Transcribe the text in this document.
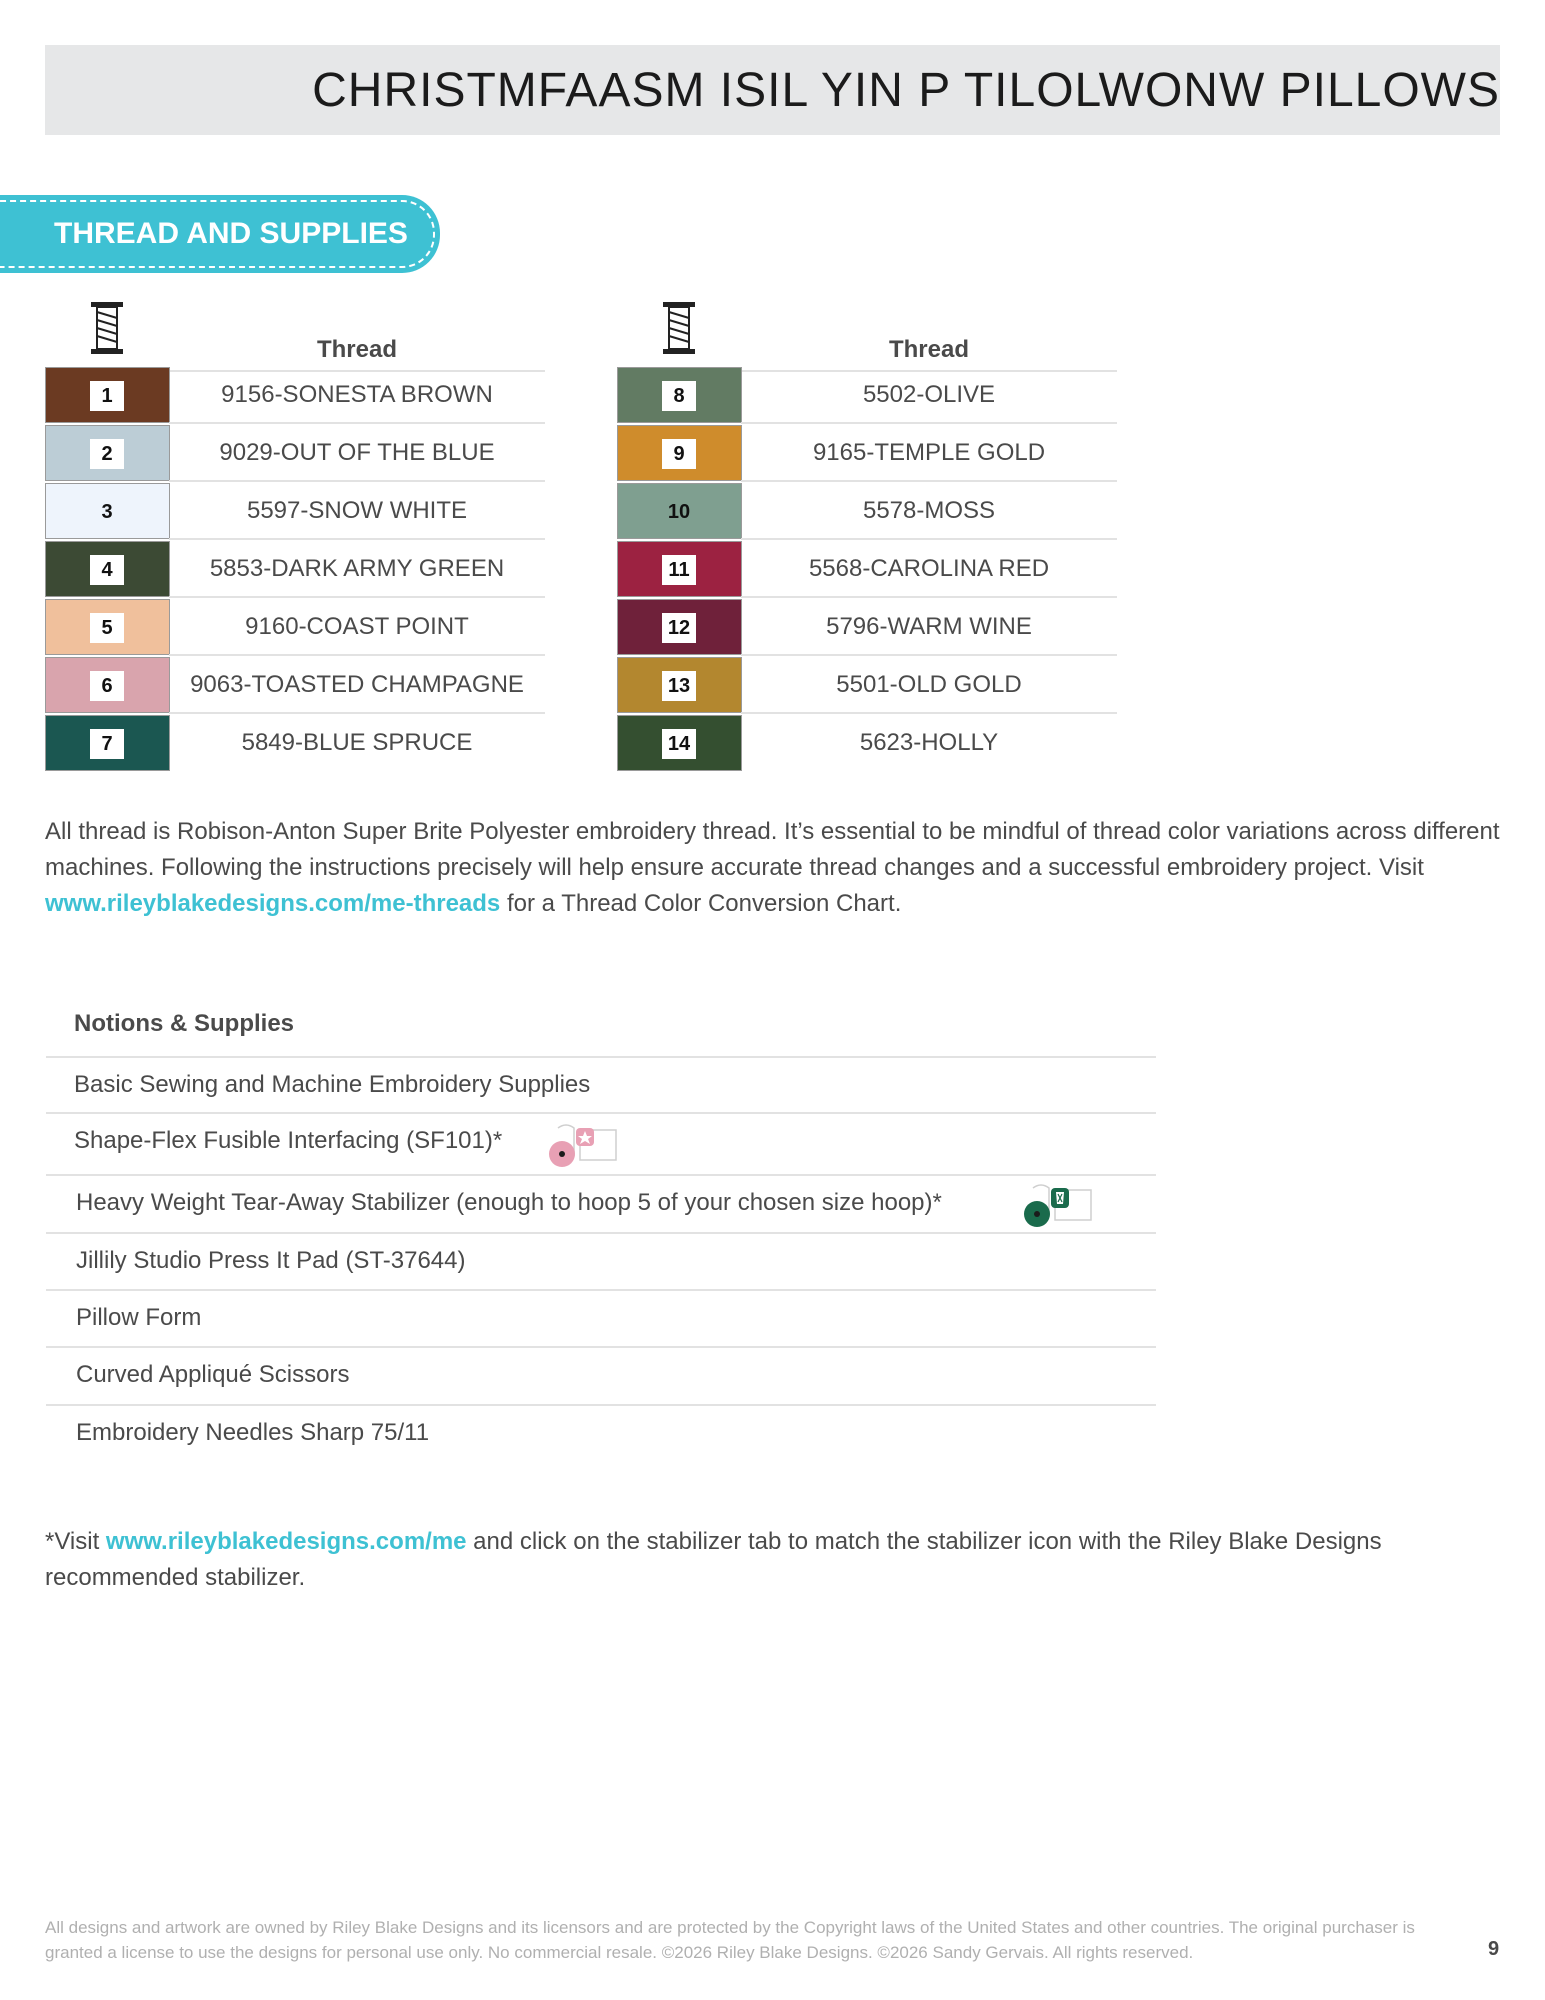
CHRISTMFAASM ISIL YIN P TILOLWONW PILLOWS
THREAD AND SUPPLIES
Thread
1	9156-SONESTA BROWN
2	9029-OUT OF THE BLUE
3	5597-SNOW WHITE
4	5853-DARK ARMY GREEN
5	9160-COAST POINT
6	9063-TOASTED CHAMPAGNE
7	5849-BLUE SPRUCE
Thread
8	5502-OLIVE
9	9165-TEMPLE GOLD
10	5578-MOSS
11	5568-CAROLINA RED
12	5796-WARM WINE
13	5501-OLD GOLD
14	5623-HOLLY

All thread is Robison-Anton Super Brite Polyester embroidery thread. It’s essential to be mindful of thread color variations across different machines. Following the instructions precisely will help ensure accurate thread changes and a successful embroidery project. Visit www.rileyblakedesigns.com/me-threads for a Thread Color Conversion Chart.

Notions & Supplies
Basic Sewing and Machine Embroidery Supplies
Shape-Flex Fusible Interfacing (SF101)*
Heavy Weight Tear-Away Stabilizer (enough to hoop 5 of your chosen size hoop)*
Jillily Studio Press It Pad (ST-37644)
Pillow Form
Curved Appliqué Scissors
Embroidery Needles Sharp 75/11

*Visit www.rileyblakedesigns.com/me and click on the stabilizer tab to match the stabilizer icon with the Riley Blake Designs recommended stabilizer.

All designs and artwork are owned by Riley Blake Designs and its licensors and are protected by the Copyright laws of the United States and other countries. The original purchaser is granted a license to use the designs for personal use only. No commercial resale. ©2026 Riley Blake Designs. ©2026 Sandy Gervais. All rights reserved.	9
